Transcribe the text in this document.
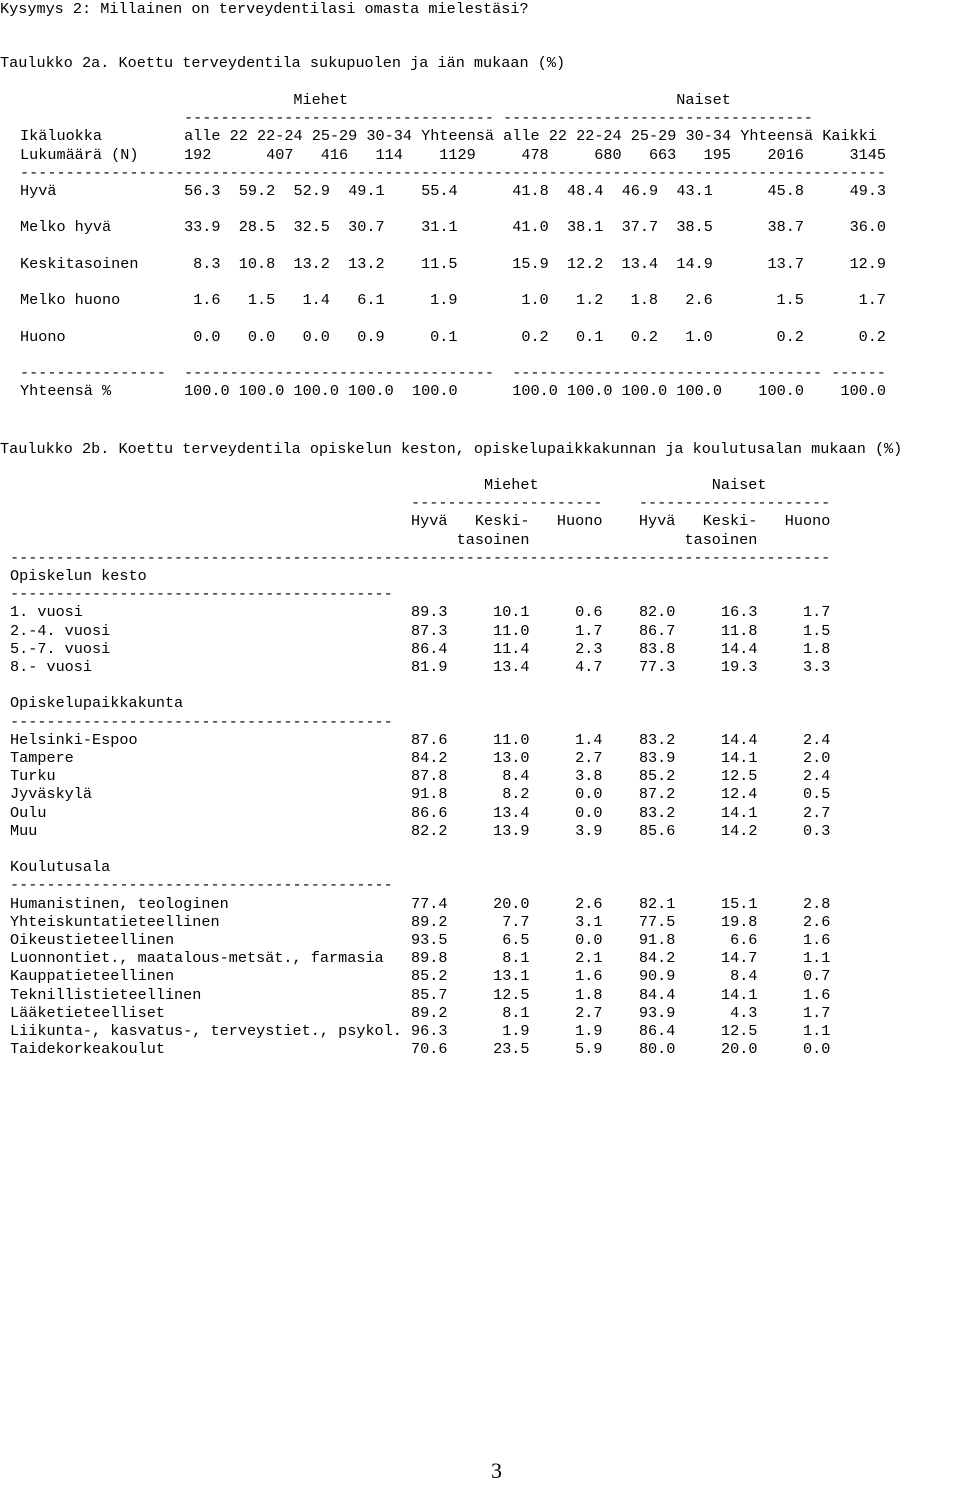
Kysymys 2: Millainen on terveydentilasi omasta mielestäsi?
Taulukko 2a. Koettu terveydentila sukupuolen ja iän mukaan (%)
Miehet	Naiset
---------------------------------- ----------------------------------
Ikäluokka	alle 22 22-24 25-29 30-34 Yhteensä alle 22 22-24 25-29 30-34 Yhteensä Kaikki
Lukumäärä (N)	192	407 416 114 1129	478	680 663 195 2016	3145
-----------------------------------------------------------------------------------------------
Hyvä	56.3 59.2 52.9 49.1 55.4	41.8 48.4 46.9 43.1	45.8	49.3

Melko hyvä	33.9 28.5 32.5 30.7 31.1	41.0 38.1 37.7 38.5	38.7	36.0

Keskitasoinen	8.3 10.8 13.2 13.2 11.5	15.9 12.2 13.4 14.9	13.7	12.9

Melko huono	1.6 1.5 1.4 6.1	1.9	1.0 1.2 1.8 2.6	1.5	1.7

Huono	0.0 0.0 0.0 0.9	0.1	0.2 0.1 0.2 1.0	0.2	0.2

----------------  ----------------------------------  ---------------------------------- ------
Yhteensä %	100.0 100.0 100.0 100.0 100.0	100.0 100.0 100.0 100.0 100.0 100.0

Taulukko 2b. Koettu terveydentila opiskelun keston, opiskelupaikkakunnan ja koulutusalan mukaan (%)
Miehet	Naiset
---------------------    ---------------------
Hyvä Keski- Huono Hyvä Keski- Huono
tasoinen	tasoinen
------------------------------------------------------------------------------------------
Opiskelun kesto
------------------------------------------
1. vuosi	89.3	10.1	0.6 82.0	16.3	1.7
2.-4. vuosi	87.3	11.0	1.7 86.7	11.8	1.5
5.-7. vuosi	86.4	11.4	2.3 83.8	14.4	1.8
8.- vuosi	81.9	13.4	4.7 77.3	19.3	3.3

Opiskelupaikkakunta
------------------------------------------
Helsinki-Espoo	87.6	11.0	1.4 83.2	14.4	2.4
Tampere	84.2	13.0	2.7 83.9	14.1	2.0
Turku	87.8	8.4	3.8 85.2	12.5	2.4
Jyväskylä	91.8	8.2	0.0 87.2	12.4	0.5
Oulu	86.6	13.4	0.0 83.2	14.1	2.7
Muu	82.2	13.9	3.9 85.6	14.2	0.3

Koulutusala
------------------------------------------
Humanistinen, teologinen	77.4	20.0	2.6 82.1	15.1	2.8
Yhteiskuntatieteellinen	89.2	7.7	3.1 77.5	19.8	2.6
Oikeustieteellinen	93.5	6.5	0.0 91.8	6.6	1.6
Luonnontiet., maatalous-metsät., farmasia 89.8	8.1	2.1 84.2	14.7	1.1
Kauppatieteellinen	85.2	13.1	1.6 90.9	8.4	0.7
Teknillistieteellinen	85.7	12.5	1.8 84.4	14.1	1.6
Lääketieteelliset	89.2	8.1	2.7 93.9	4.3	1.7
Liikunta-, kasvatus-, terveystiet., psykol. 96.3	1.9	1.9 86.4	12.5	1.1
Taidekorkeakoulut	70.6	23.5	5.9 80.0	20.0	0.0

3
